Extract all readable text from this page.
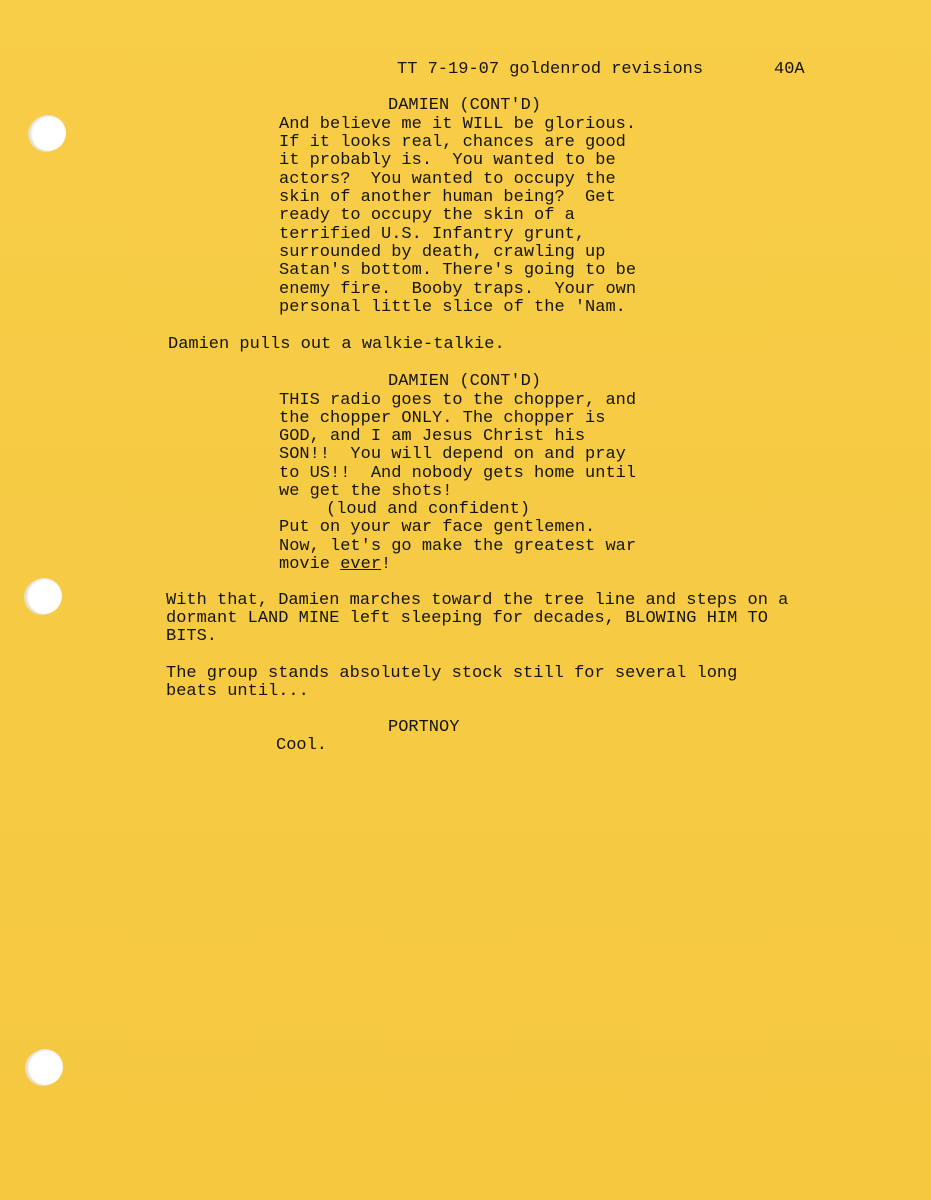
TT 7-19-07 goldenrod revisions	40A

DAMIEN (CONT'D)

And believe me it WILL be glorious.

If it looks real, chances are good

it probably is.  You wanted to be

actors?  You wanted to occupy the

skin of another human being?  Get

ready to occupy the skin of a

terrified U.S. Infantry grunt,

surrounded by death, crawling up

Satan's bottom. There's going to be

enemy fire.  Booby traps.  Your own

personal little slice of the 'Nam.

Damien pulls out a walkie-talkie.

DAMIEN (CONT'D)

THIS radio goes to the chopper, and

the chopper ONLY. The chopper is

GOD, and I am Jesus Christ his

SON!!  You will depend on and pray

to US!!  And nobody gets home until

we get the shots!

(loud and confident)

Put on your war face gentlemen.

Now, let's go make the greatest war

movie ever!

With that, Damien marches toward the tree line and steps on a

dormant LAND MINE left sleeping for decades, BLOWING HIM TO

BITS.

The group stands absolutely stock still for several long

beats until...

PORTNOY

Cool.
